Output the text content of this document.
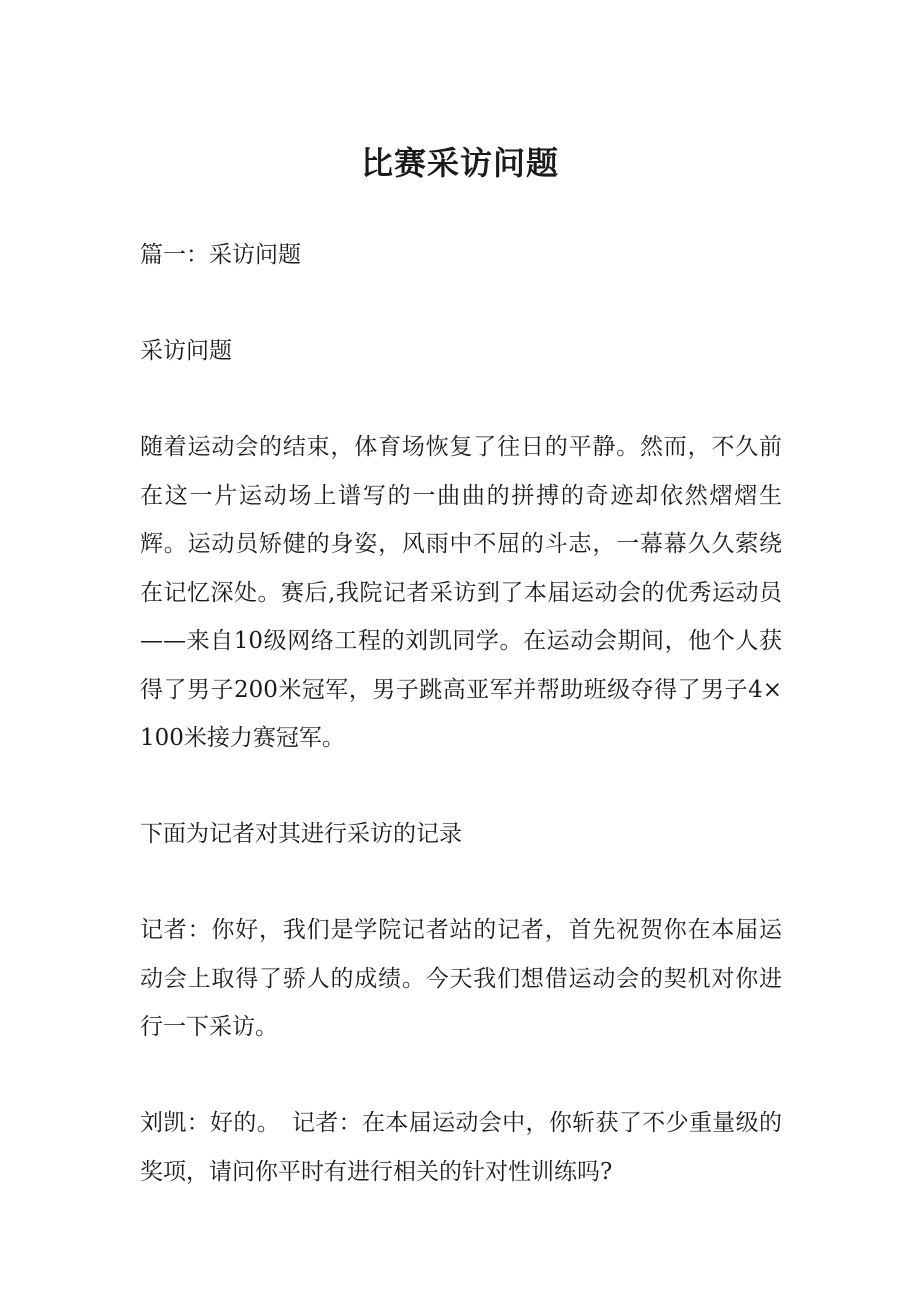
比赛采访问题

篇一：采访问题

采访问题

随着运动会的结束，体育场恢复了往日的平静。然而，不久前在这一片运动场上谱写的一曲曲的拼搏的奇迹却依然熠熠生辉。运动员矫健的身姿，风雨中不屈的斗志，一幕幕久久萦绕在记忆深处。赛后,我院记者采访到了本届运动会的优秀运动员——来自10级网络工程的刘凯同学。在运动会期间，他个人获得了男子200米冠军，男子跳高亚军并帮助班级夺得了男子4×100米接力赛冠军。

下面为记者对其进行采访的记录

记者：你好，我们是学院记者站的记者，首先祝贺你在本届运动会上取得了骄人的成绩。今天我们想借运动会的契机对你进行一下采访。

刘凯：好的。　记者：在本届运动会中，你斩获了不少重量级的奖项，请问你平时有进行相关的针对性训练吗?
